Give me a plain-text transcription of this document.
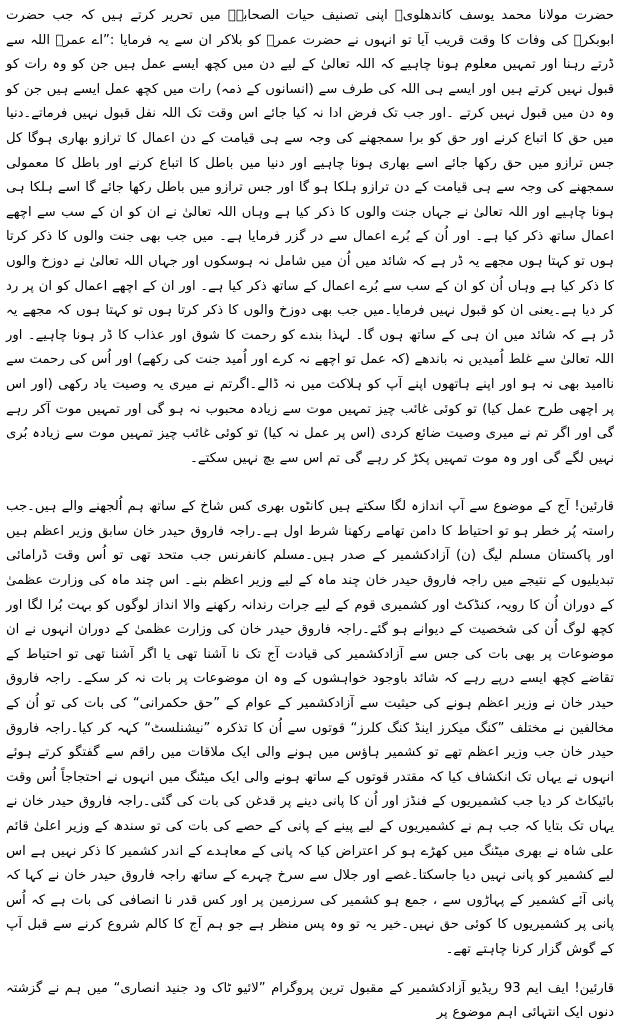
حضرت مولانا محمد یوسف کاندھلویؒ اپنی تصنیف حیات الصحابہؓ میں تحریر کرتے ہیں کہ جب حضرت ابوبکرؓ کی وفات کا وقت قریب آیا تو انہوں نے حضرت عمرؓ کو بلاکر ان سے یہ فرمایا :”اے عمرؓ اللہ سے ڈرتے رہنا اور تمہیں معلوم ہونا چاہیے کہ اللہ تعالیٰ کے لیے دن میں کچھ ایسے عمل ہیں جن کو وہ رات کو قبول نہیں کرتے ہیں اور ایسے ہی اللہ کی طرف سے (انسانوں کے ذمہ) رات میں کچھ عمل ایسے ہیں جن کو وہ دن میں قبول نہیں کرتے ۔اور جب تک فرض ادا نہ کیا جائے اس وقت تک اللہ نفل قبول نہیں فرماتے۔دنیا میں حق کا اتباع کرنے اور حق کو برا سمجھنے کی وجہ سے ہی قیامت کے دن اعمال کا ترازو بھاری ہوگا کل جس ترازو میں حق رکھا جائے اسے بھاری ہونا چاہیے اور دنیا میں باطل کا اتباع کرنے اور باطل کا معمولی سمجھنے کی وجہ سے ہی قیامت کے دن ترازو ہلکا ہو گا اور جس ترازو میں باطل رکھا جائے گا اسے ہلکا ہی ہونا چاہیے اور اللہ تعالیٰ نے جہاں جنت والوں کا ذکر کیا ہے وہاں اللہ تعالیٰ نے ان کو ان کے سب سے اچھے اعمال ساتھ ذکر کیا ہے۔ اور اُن کے بُرے اعمال سے در گزر فرمایا ہے۔ میں جب بھی جنت والوں کا ذکر کرتا ہوں تو کہتا ہوں مجھے یہ ڈر ہے کہ شائد میں اُن میں شامل نہ ہوسکوں اور جہاں اللہ تعالیٰ نے دوزخ والوں کا ذکر کیا ہے وہاں اُن کو ان کے سب سے بُرے اعمال کے ساتھ ذکر کیا ہے۔ اور ان کے اچھے اعمال کو ان پر رد کر دیا ہے۔یعنی ان کو قبول نہیں فرمایا۔میں جب بھی دوزخ والوں کا ذکر کرتا ہوں تو کہتا ہوں کہ مجھے یہ ڈر ہے کہ شائد میں ان ہی کے ساتھ ہوں گا۔ لہذا بندے کو رحمت کا شوق اور عذاب کا ڈر ہونا چاہیے۔ اور اللہ تعالیٰ سے غلط اُمیدیں نہ باندھے (کہ عمل تو اچھے نہ کرے اور اُمید جنت کی رکھے) اور اُس کی رحمت سے ناامید بھی نہ ہو اور اپنے ہاتھوں اپنے آپ کو ہلاکت میں نہ ڈالے۔اگرتم نے میری یہ وصیت یاد رکھی (اور اس پر اچھی طرح عمل کیا) تو کوئی غائب چیز تمہیں موت سے زیادہ محبوب نہ ہو گی اور تمہیں موت آکر رہے گی اور اگر تم نے میری وصیت ضائع کردی (اس پر عمل نہ کیا) تو کوئی غائب چیز تمہیں موت سے زیادہ بُری نہیں لگے گی اور وہ موت تمہیں پکڑ کر رہے گی تم اس سے بچ نہیں سکتے۔

قارئین! آج کے موضوع سے آپ اندازہ لگا سکتے ہیں کانٹوں بھری کس شاخ کے ساتھ ہم اُلجھنے والے ہیں۔جب راستہ پُر خطر ہو تو احتیاط کا دامن تھامے رکھنا شرط اول ہے۔راجہ فاروق حیدر خان سابق وزیر اعظم ہیں اور پاکستان مسلم لیگ (ن) آزادکشمیر کے صدر ہیں۔مسلم کانفرنس جب متحد تھی تو اُس وقت ڈرامائی تبدیلیوں کے نتیجے میں راجہ فاروق حیدر خان چند ماہ کے لیے وزیر اعظم بنے۔ اس چند ماہ کی وزارت عظمیٰ کے دوران اُن کا رویہ، کنڈکٹ اور کشمیری قوم کے لیے جرات رندانہ رکھنے والا انداز لوگوں کو بہت بُرا لگا اور کچھ لوگ اُن کی شخصیت کے دیوانے ہو گئے۔راجہ فاروق حیدر خان کی وزارت عظمیٰ کے دوران انہوں نے ان موضوعات پر بھی بات کی جس سے آزادکشمیر کی قیادت آج تک نا آشنا تھی یا اگر آشنا تھی تو احتیاط کے تقاضے کچھ ایسے درپے رہے کہ شائد باوجود خواہشوں کے وہ ان موضوعات پر بات نہ کر سکے۔ راجہ فاروق حیدر خان نے وزیر اعظم ہونے کی حیثیت سے آزادکشمیر کے عوام کے ”حق حکمرانی“ کی بات کی تو اُن کے مخالفین نے مختلف ”کنگ میکرز اینڈ کنگ کلرز“ قوتوں سے اُن کا تذکرہ ”نیشنلسٹ“ کہہ کر کیا۔راجہ فاروق حیدر خان جب وزیر اعظم تھے تو کشمیر ہاؤس میں ہونے والی ایک ملاقات میں راقم سے گفتگو کرتے ہوئے انہوں نے یہاں تک انکشاف کیا کہ مقتدر قوتوں کے ساتھ ہونے والی ایک میٹنگ میں انہوں نے احتجاجاً اُس وقت بائیکاٹ کر دیا جب کشمیریوں کے فنڈز اور اُن کا پانی دینے پر قدغن کی بات کی گئی۔راجہ فاروق حیدر خان نے یہاں تک بتایا کہ جب ہم نے کشمیریوں کے لیے پینے کے پانی کے حصے کی بات کی تو سندھ کے وزیر اعلیٰ قائم علی شاہ نے بھری میٹنگ میں کھڑے ہو کر اعتراض کیا کہ پانی کے معاہدے کے اندر کشمیر کا ذکر نہیں ہے اس لیے کشمیر کو پانی نہیں دیا جاسکتا۔غصے اور جلال سے سرخ چہرے کے ساتھ راجہ فاروق حیدر خان نے کہا کہ پانی آئے کشمیر کے پہاڑوں سے ، جمع ہو کشمیر کی سرزمین پر اور کس قدر نا انصافی کی بات ہے کہ اُس پانی پر کشمیریوں کا کوئی حق نہیں۔خیر یہ تو وہ پس منظر ہے جو ہم آج کا کالم شروع کرنے سے قبل آپ کے گوش گزار کرنا چاہتے تھے۔

قارئین! ایف ایم 93 ریڈیو آزادکشمیر کے مقبول ترین پروگرام ”لائیو ٹاک ود جنید انصاری“ میں ہم نے گزشتہ دنوں ایک انتہائی اہم موضوع پر
